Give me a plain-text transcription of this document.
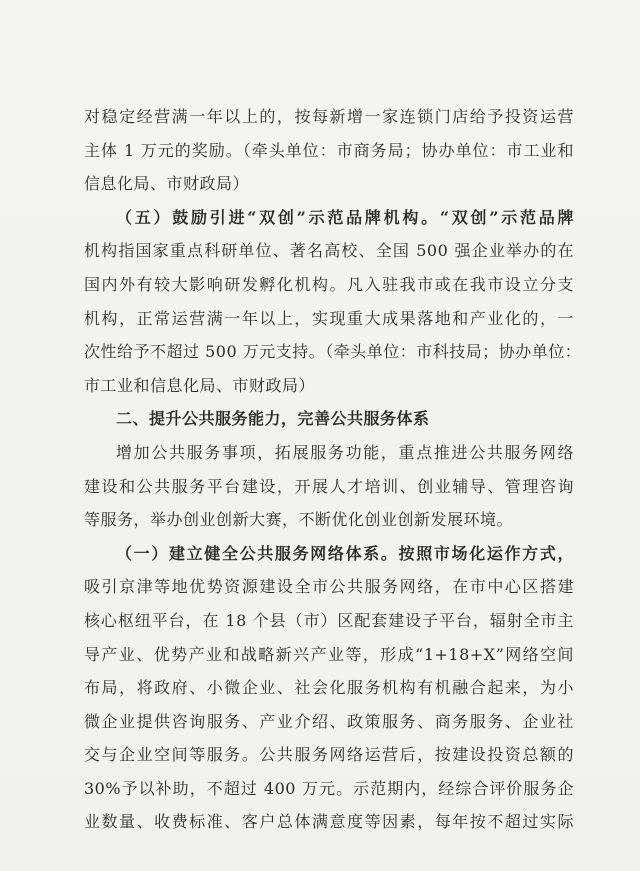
对稳定经营满一年以上的，按每新增一家连锁门店给予投资运营
主体 1 万元的奖励。（牵头单位：市商务局；协办单位：市工业和
信息化局、市财政局）
（五）鼓励引进“双创”示范品牌机构。“双创”示范品牌
机构指国家重点科研单位、著名高校、全国 500 强企业举办的在
国内外有较大影响研发孵化机构。凡入驻我市或在我市设立分支
机构，正常运营满一年以上，实现重大成果落地和产业化的，一
次性给予不超过 500 万元支持。（牵头单位：市科技局；协办单位：
市工业和信息化局、市财政局）
二、提升公共服务能力，完善公共服务体系
增加公共服务事项，拓展服务功能，重点推进公共服务网络
建设和公共服务平台建设，开展人才培训、创业辅导、管理咨询
等服务，举办创业创新大赛，不断优化创业创新发展环境。
（一）建立健全公共服务网络体系。按照市场化运作方式，
吸引京津等地优势资源建设全市公共服务网络，在市中心区搭建
核心枢纽平台，在 18 个县（市）区配套建设子平台，辐射全市主
导产业、优势产业和战略新兴产业等，形成“1+18+X”网络空间
布局，将政府、小微企业、社会化服务机构有机融合起来，为小
微企业提供咨询服务、产业介绍、政策服务、商务服务、企业社
交与企业空间等服务。公共服务网络运营后，按建设投资总额的
30%予以补助，不超过 400 万元。示范期内，经综合评价服务企
业数量、收费标准、客户总体满意度等因素，每年按不超过实际
